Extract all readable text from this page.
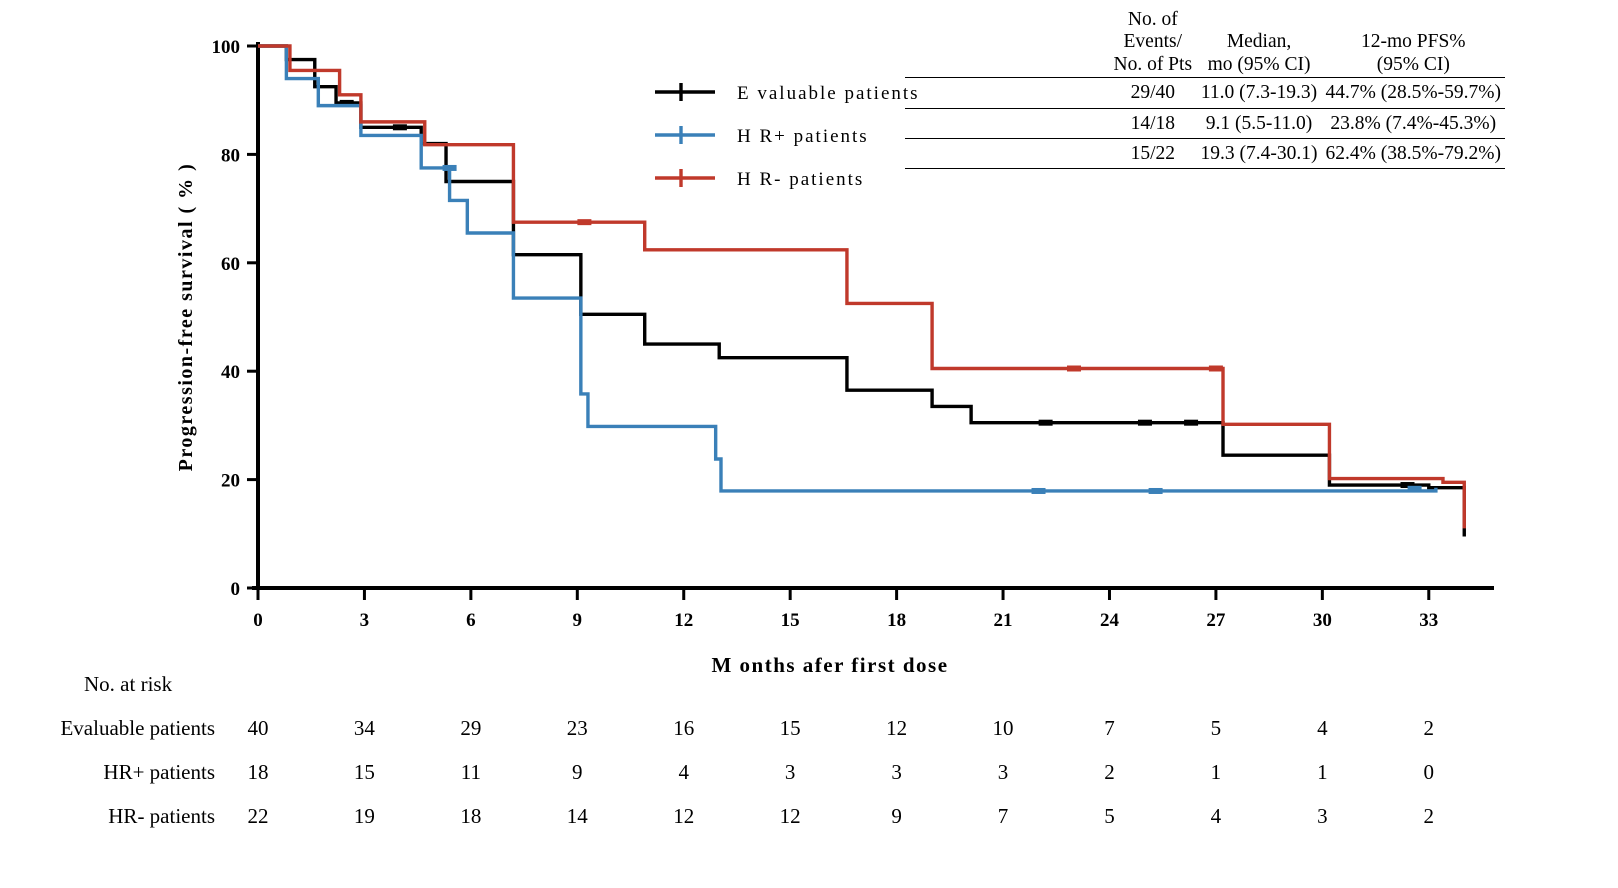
0
20
40
60
80
100
0	3	6	9	12	15	18	21	24	27	30	33
M onths afer first dose
Progression-free survival ( % )
E valuable patients
H R+ patients
H R- patients

No. of Events/
No. of Pts

Median,
mo (95% CI)

12-mo PFS%
(95% CI)

	29/40	11.0 (7.3-19.3)	44.7% (28.5%-59.7%)
	14/18	9.1 (5.5-11.0)	23.8% (7.4%-45.3%)
	15/22	19.3 (7.4-30.1)	62.4% (38.5%-79.2%)
No. at risk
Evaluable patients	40	34	29	23	16	15	12	10	7	5	4	2
HR+ patients	18	15	11	9	4	3	3	3	2	1	1	0
HR- patients	22	19	18	14	12	12	9	7	5	4	3	2
